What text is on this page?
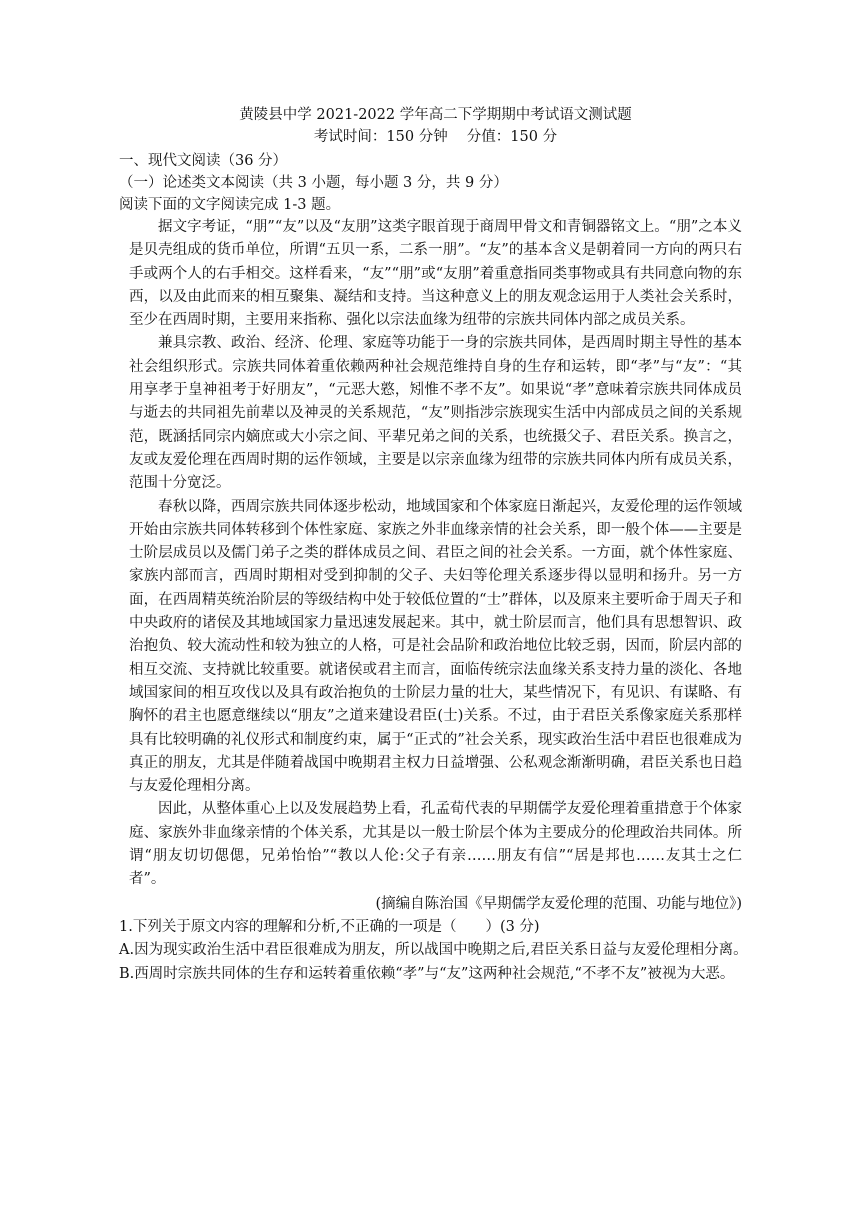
黄陵县中学 2021-2022 学年高二下学期期中考试语文测试题

考试时间：150 分钟　 分值：150 分

一、现代文阅读（36 分）

（一）论述类文本阅读（共 3 小题，每小题 3 分，共 9 分）

阅读下面的文字阅读完成 1-3 题。

据文字考证，“朋”“友”以及“友朋”这类字眼首现于商周甲骨文和青铜器铭文上。“朋”之本义是贝壳组成的货币单位，所谓“五贝一系，二系一朋”。“友”的基本含义是朝着同一方向的两只右手或两个人的右手相交。这样看来，“友”“朋”或“友朋”着重意指同类事物或具有共同意向物的东西，以及由此而来的相互聚集、凝结和支持。当这种意义上的朋友观念运用于人类社会关系时，至少在西周时期，主要用来指称、强化以宗法血缘为纽带的宗族共同体内部之成员关系。

兼具宗教、政治、经济、伦理、家庭等功能于一身的宗族共同体，是西周时期主导性的基本社会组织形式。宗族共同体着重依赖两种社会规范维持自身的生存和运转，即“孝”与“友”：“其用享孝于皇神祖考于好朋友”，“元恶大憝，矧惟不孝不友”。如果说“孝”意味着宗族共同体成员与逝去的共同祖先前辈以及神灵的关系规范，“友”则指涉宗族现实生活中内部成员之间的关系规范，既涵括同宗内嫡庶或大小宗之间、平辈兄弟之间的关系，也统摄父子、君臣关系。换言之，友或友爱伦理在西周时期的运作领域，主要是以宗亲血缘为纽带的宗族共同体内所有成员关系，范围十分宽泛。

春秋以降，西周宗族共同体逐步松动，地域国家和个体家庭日渐起兴，友爱伦理的运作领域开始由宗族共同体转移到个体性家庭、家族之外非血缘亲情的社会关系，即一般个体——主要是士阶层成员以及儒门弟子之类的群体成员之间、君臣之间的社会关系。一方面，就个体性家庭、家族内部而言，西周时期相对受到抑制的父子、夫妇等伦理关系逐步得以显明和扬升。另一方面，在西周精英统治阶层的等级结构中处于较低位置的“士”群体，以及原来主要听命于周天子和中央政府的诸侯及其地域国家力量迅速发展起来。其中，就士阶层而言，他们具有思想智识、政治抱负、较大流动性和较为独立的人格，可是社会品阶和政治地位比较乏弱，因而，阶层内部的相互交流、支持就比较重要。就诸侯或君主而言，面临传统宗法血缘关系支持力量的淡化、各地域国家间的相互攻伐以及具有政治抱负的士阶层力量的壮大，某些情况下，有见识、有谋略、有胸怀的君主也愿意继续以“朋友”之道来建设君臣(士)关系。不过，由于君臣关系像家庭关系那样具有比较明确的礼仪形式和制度约束，属于“正式的”社会关系，现实政治生活中君臣也很难成为真正的朋友，尤其是伴随着战国中晚期君主权力日益增强、公私观念渐渐明确，君臣关系也日趋与友爱伦理相分离。

因此，从整体重心上以及发展趋势上看，孔孟荀代表的早期儒学友爱伦理着重措意于个体家庭、家族外非血缘亲情的个体关系，尤其是以一般士阶层个体为主要成分的伦理政治共同体。所谓“朋友切切偲偲，兄弟怡怡”“教以人伦:父子有亲……朋友有信”“居是邦也……友其士之仁者”。

(摘编自陈治国《早期儒学友爱伦理的范围、功能与地位》)

1.下列关于原文内容的理解和分析,不正确的一项是（　　）(3 分)

A.因为现实政治生活中君臣很难成为朋友，所以战国中晚期之后,君臣关系日益与友爱伦理相分离。

B.西周时宗族共同体的生存和运转着重依赖“孝”与“友”这两种社会规范,“不孝不友”被视为大恶。
